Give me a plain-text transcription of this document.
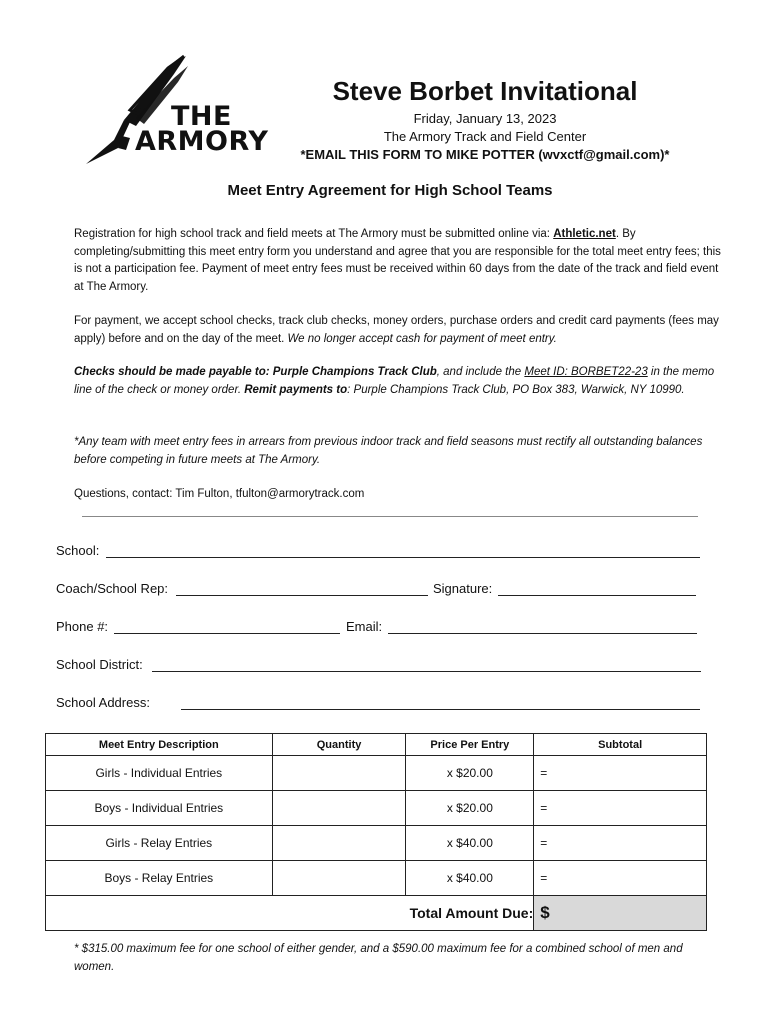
THE
ARMORY
Steve Borbet Invitational
Friday, January 13, 2023
The Armory Track and Field Center
*EMAIL THIS FORM TO MIKE POTTER (wvxctf@gmail.com)*
Meet Entry Agreement for High School Teams
Registration for high school track and field meets at The Armory must be submitted online via: Athletic.net. By completing/submitting this meet entry form you understand and agree that you are responsible for the total meet entry fees; this is not a participation fee. Payment of meet entry fees must be received within 60 days from the date of the track and field event at The Armory.
For payment, we accept school checks, track club checks, money orders, purchase orders and credit card payments (fees may apply) before and on the day of the meet. We no longer accept cash for payment of meet entry.
Checks should be made payable to: Purple Champions Track Club, and include the Meet ID: BORBET22-23 in the memo line of the check or money order. Remit payments to: Purple Champions Track Club, PO Box 383, Warwick, NY 10990.
*Any team with meet entry fees in arrears from previous indoor track and field seasons must rectify all outstanding balances before competing in future meets at The Armory.
Questions, contact: Tim Fulton, tfulton@armorytrack.com
School:
Coach/School Rep:	Signature:
Phone #:	Email:
School District:
School Address:
Meet Entry Description	Quantity	Price Per Entry	Subtotal
Girls - Individual Entries		x $20.00	=
Boys - Individual Entries		x $20.00	=
Girls - Relay Entries		x $40.00	=
Boys - Relay Entries		x $40.00	=
Total Amount Due:			$
* $315.00 maximum fee for one school of either gender, and a $590.00 maximum fee for a combined school of men and women.
